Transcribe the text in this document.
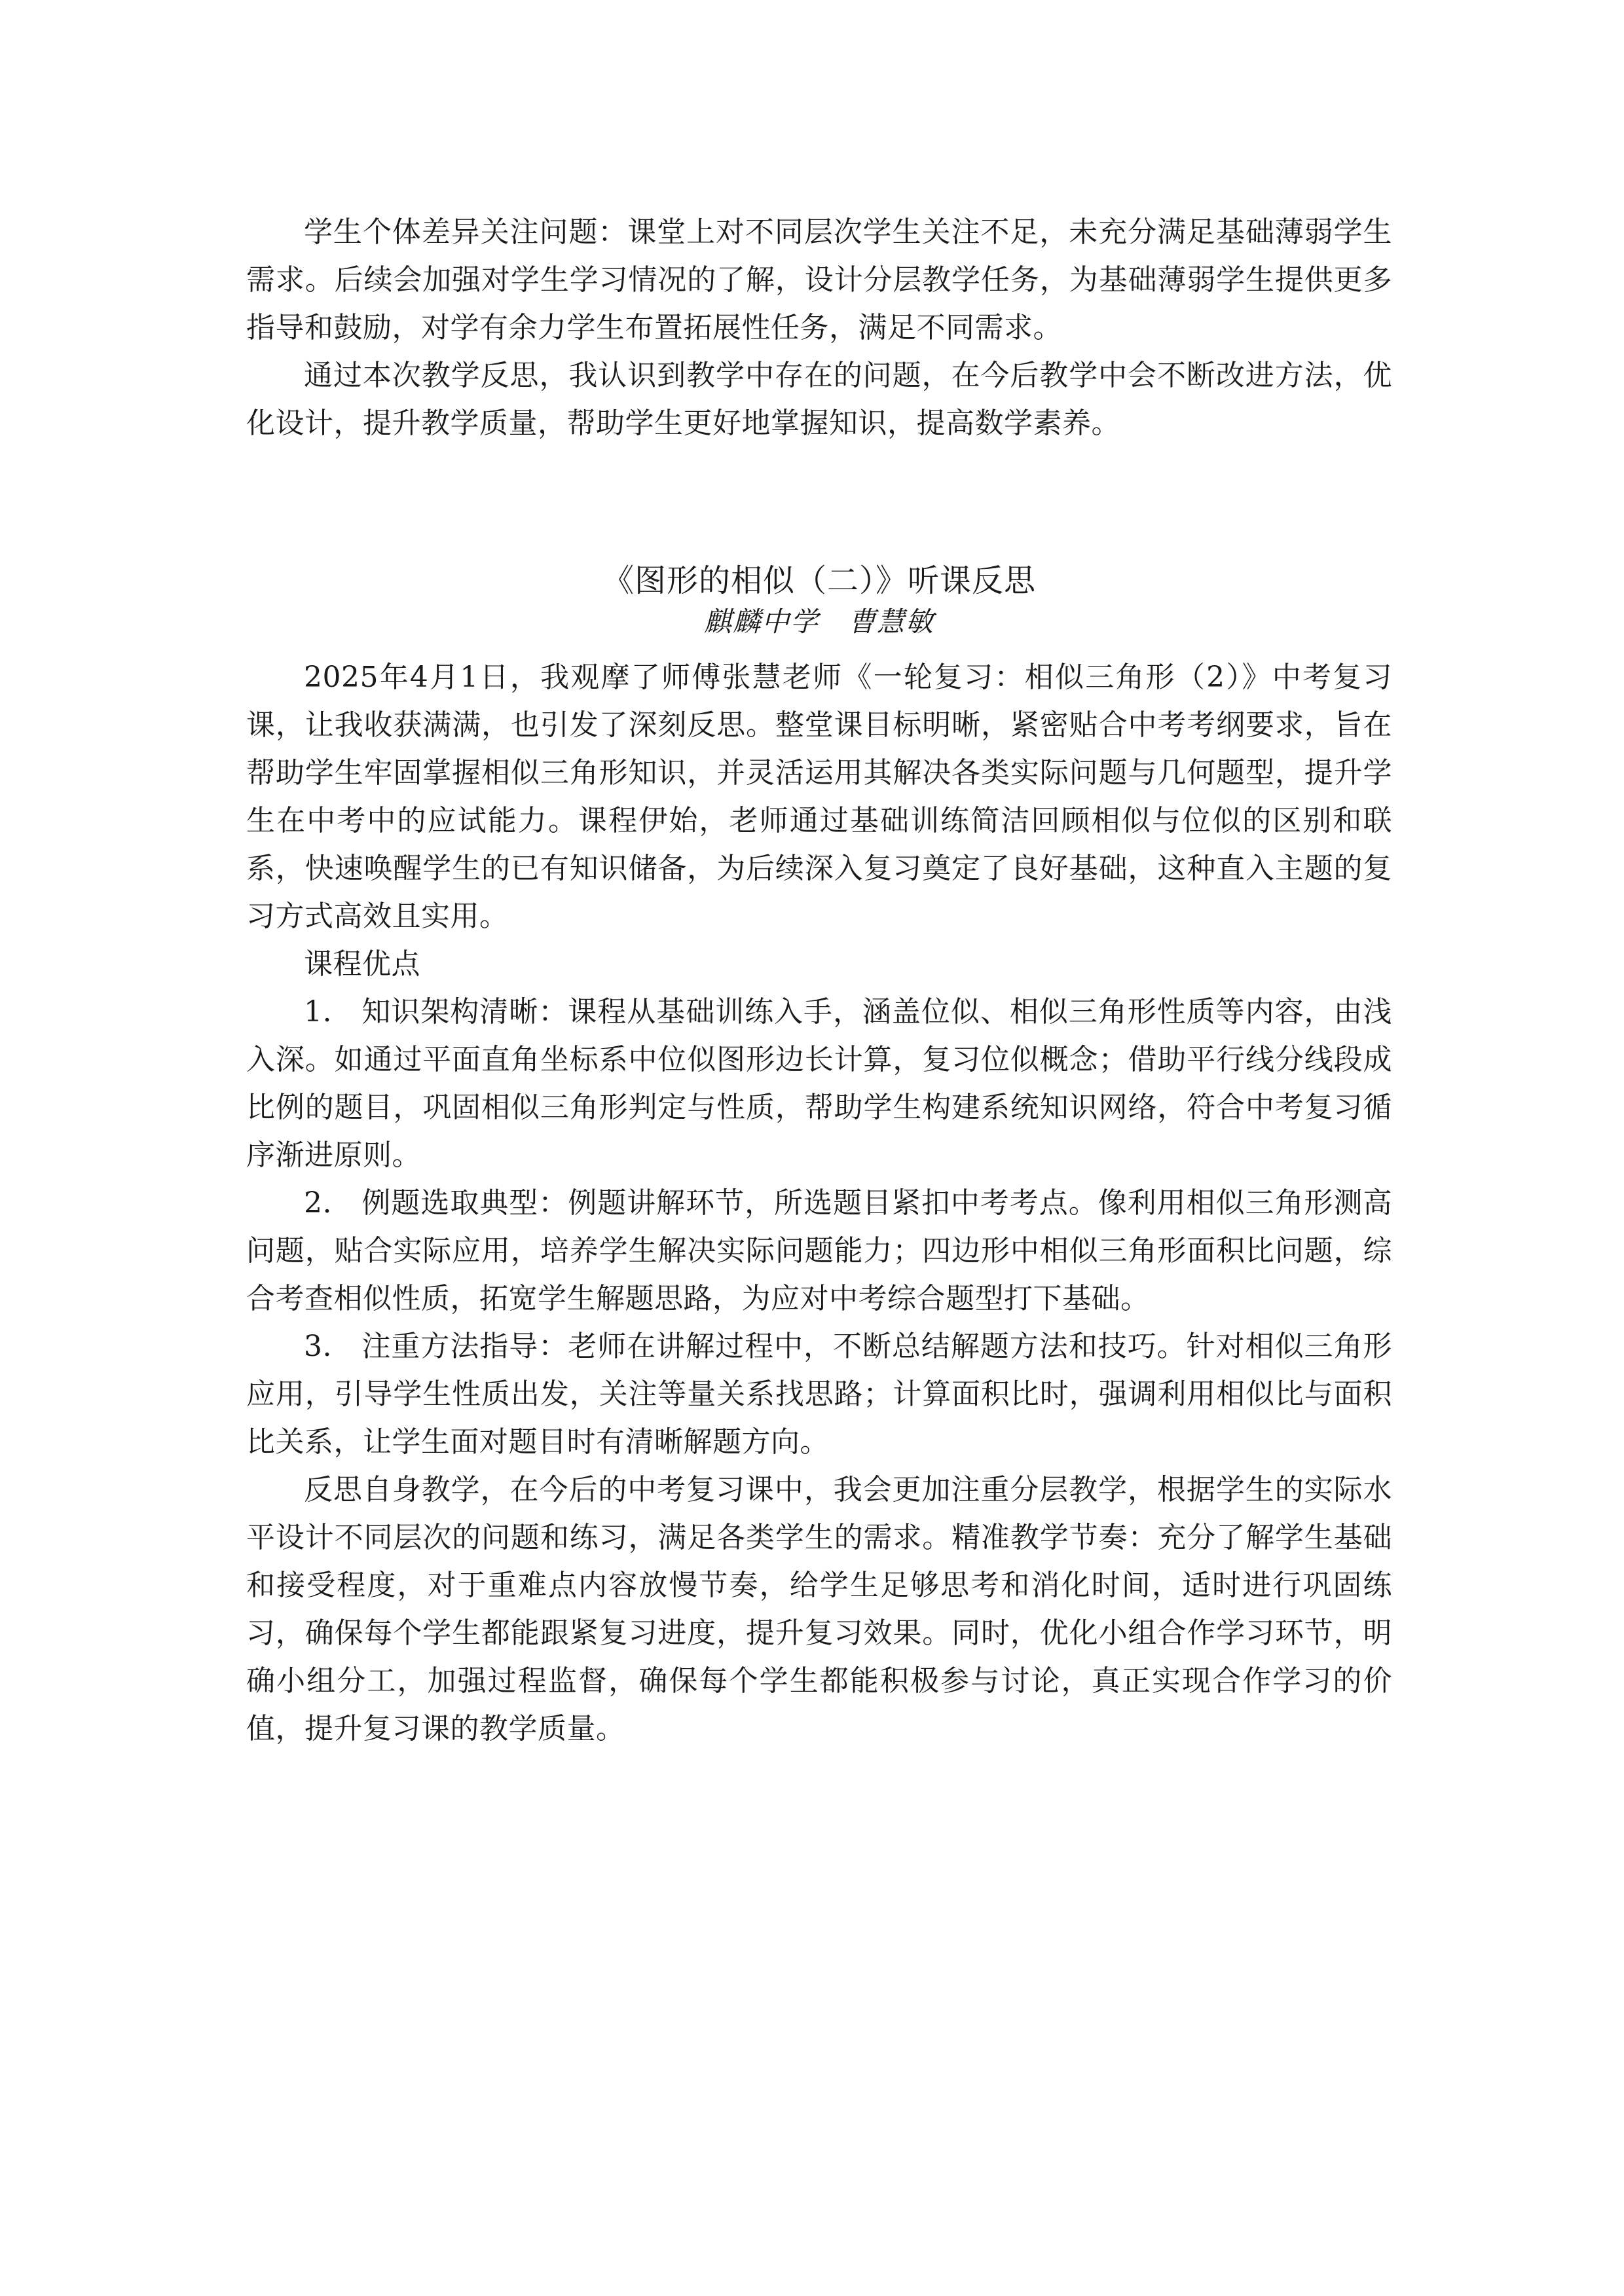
学生个体差异关注问题：课堂上对不同层次学生关注不足，未充分满足基础薄弱学生需求。后续会加强对学生学习情况的了解，设计分层教学任务，为基础薄弱学生提供更多指导和鼓励，对学有余力学生布置拓展性任务，满足不同需求。

通过本次教学反思，我认识到教学中存在的问题，在今后教学中会不断改进方法，优化设计，提升教学质量，帮助学生更好地掌握知识，提高数学素养。

《图形的相似（二）》听课反思
麒麟中学　曹慧敏

2025年4月1日，我观摩了师傅张慧老师《一轮复习：相似三角形（2）》中考复习课，让我收获满满，也引发了深刻反思。整堂课目标明晰，紧密贴合中考考纲要求，旨在帮助学生牢固掌握相似三角形知识，并灵活运用其解决各类实际问题与几何题型，提升学生在中考中的应试能力。课程伊始，老师通过基础训练简洁回顾相似与位似的区别和联系，快速唤醒学生的已有知识储备，为后续深入复习奠定了良好基础，这种直入主题的复习方式高效且实用。

课程优点

1.　知识架构清晰：课程从基础训练入手，涵盖位似、相似三角形性质等内容，由浅入深。如通过平面直角坐标系中位似图形边长计算，复习位似概念；借助平行线分线段成比例的题目，巩固相似三角形判定与性质，帮助学生构建系统知识网络，符合中考复习循序渐进原则。

2.　例题选取典型：例题讲解环节，所选题目紧扣中考考点。像利用相似三角形测高问题，贴合实际应用，培养学生解决实际问题能力；四边形中相似三角形面积比问题，综合考查相似性质，拓宽学生解题思路，为应对中考综合题型打下基础。

3.　注重方法指导：老师在讲解过程中，不断总结解题方法和技巧。针对相似三角形应用，引导学生性质出发，关注等量关系找思路；计算面积比时，强调利用相似比与面积比关系，让学生面对题目时有清晰解题方向。

反思自身教学，在今后的中考复习课中，我会更加注重分层教学，根据学生的实际水平设计不同层次的问题和练习，满足各类学生的需求。精准教学节奏：充分了解学生基础和接受程度，对于重难点内容放慢节奏，给学生足够思考和消化时间，适时进行巩固练习，确保每个学生都能跟紧复习进度，提升复习效果。同时，优化小组合作学习环节，明确小组分工，加强过程监督，确保每个学生都能积极参与讨论，真正实现合作学习的价值，提升复习课的教学质量。
